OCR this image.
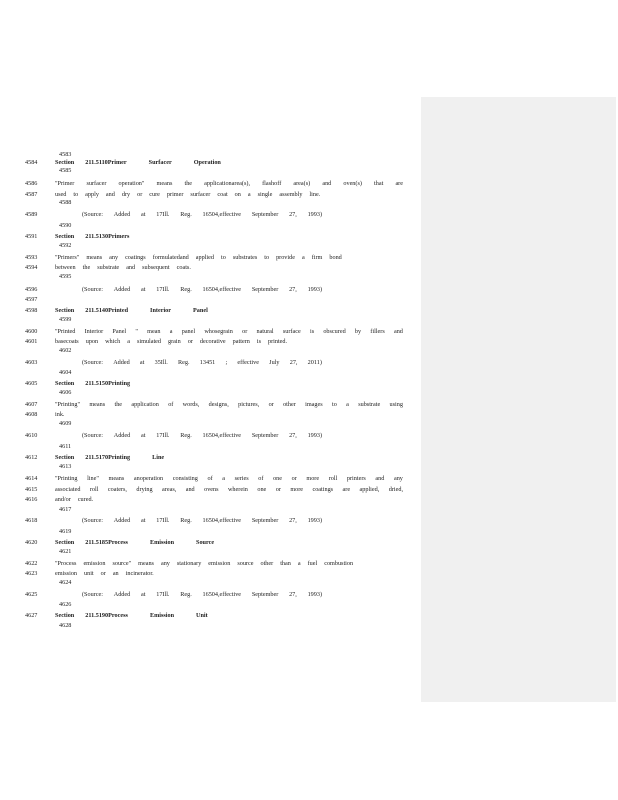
4583
4584
4585
4586
4587
4588
4589
4590
4591
4592
4593
4594
4595
4596
4597
4598
4599
4600
4601
4602
4603
4604
4605
4606
4607
4608
4609
4610
4611
4612
4613
4614
4615
4616
4617
4618
4619
4620
4621
4622
4623
4624
4625
4626
4627
4628
Section 211.5110Primer	Surfacer	Operation
Section 211.5130Primers
Section 211.5140Printed	Interior	Panel
Section 211.5150Printing
Section 211.5170Printing	Line
Section 211.5185Process	Emission	Source
Section 211.5190Process	Emission	Unit
"Primer surfacer operation" means the applicationarea(s), flashoff area(s) and oven(s) that are
used to apply and dry or cure primer surfacer coat on a single assembly line.
"Primers" means any coatings formulatedand applied to substrates to provide a firm bond
between the substrate and subsequent coats.
"Printed Interior Panel " mean a panel whosegrain or natural surface is obscured by fillers and
basecoats upon which a simulated grain or decorative pattern is printed.
"Printing" means the application of words, designs, pictures, or other images to a substrate using
ink.
"Printing line" means anoperation consisting of a series of one or more roll printers and any
associated roll coaters, drying areas, and ovens wherein one or more coatings are applied, dried,
and/or cured.
"Process emission source" means any stationary emission source other than a fuel combustion
emission unit or an incinerator.
(Source: Added at 17Ill. Reg. 16504,effective September 27, 1993)
(Source: Added at 17Ill. Reg. 16504,effective September 27, 1993)
(Source: Added at 35Ill. Reg. 13451 ; effective July 27, 2011)
(Source: Added at 17Ill. Reg. 16504,effective September 27, 1993)
(Source: Added at 17Ill. Reg. 16504,effective September 27, 1993)
(Source: Added at 17Ill. Reg. 16504,effective September 27, 1993)
